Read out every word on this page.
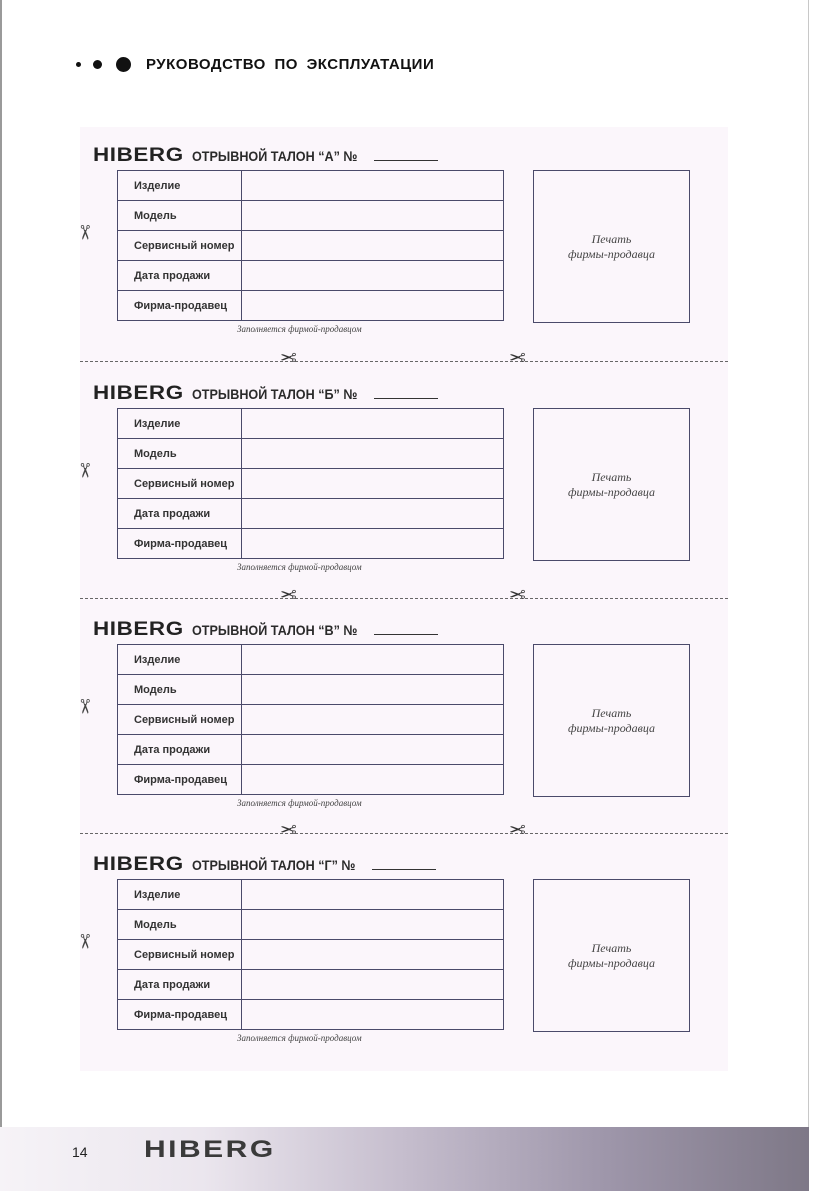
РУКОВОДСТВО ПО ЭКСПЛУАТАЦИИ
HIBERG ОТРЫВНОЙ ТАЛОН “А” №
✂
Изделие	
Модель	
Сервисный номер	
Дата продажи	
Фирма-продавец	
Печать
фирмы-продавца
Заполняется фирмой-продавцом
✂	✂
HIBERG ОТРЫВНОЙ ТАЛОН “Б” №
✂
Изделие	
Модель	
Сервисный номер	
Дата продажи	
Фирма-продавец	
Печать
фирмы-продавца
Заполняется фирмой-продавцом
✂	✂
HIBERG ОТРЫВНОЙ ТАЛОН “В” №
✂
Изделие	
Модель	
Сервисный номер	
Дата продажи	
Фирма-продавец	
Печать
фирмы-продавца
Заполняется фирмой-продавцом
✂	✂
HIBERG ОТРЫВНОЙ ТАЛОН “Г” №
✂
Изделие	
Модель	
Сервисный номер	
Дата продажи	
Фирма-продавец	
Печать
фирмы-продавца
Заполняется фирмой-продавцом
14 HIBERG
